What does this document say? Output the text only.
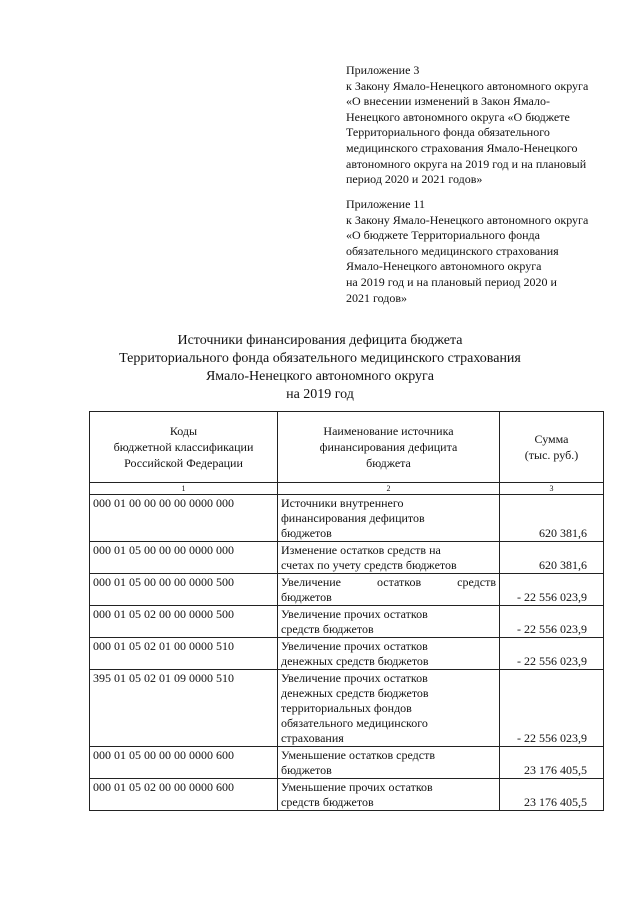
Приложение 3
к Закону Ямало-Ненецкого автономного округа
«О внесении изменений в Закон Ямало-
Ненецкого автономного округа «О бюджете
Территориального фонда обязательного
медицинского страхования Ямало-Ненецкого
автономного округа на 2019 год и на плановый
период 2020 и 2021 годов»
Приложение 11
к Закону Ямало-Ненецкого автономного округа
«О бюджете Территориального фонда
обязательного медицинского страхования
Ямало-Ненецкого автономного округа
на 2019 год и на плановый период 2020 и
2021 годов»
Источники финансирования дефицита бюджета
Территориального фонда обязательного медицинского страхования
Ямало-Ненецкого автономного округа
на 2019 год
Коды
бюджетной классификации
Российской Федерации	Наименование источника
финансирования дефицита
бюджета	Сумма
(тыс. руб.)

1	2	3
000 01 00 00 00 00 0000 000	Источники внутреннего
финансирования дефицитов
бюджетов	620 381,6
000 01 05 00 00 00 0000 000	Изменение остатков средств на
счетах по учету средств бюджетов	620 381,6
000 01 05 00 00 00 0000 500	Увеличение остатков средств
бюджетов	- 22 556 023,9
000 01 05 02 00 00 0000 500	Увеличение прочих остатков
средств бюджетов	- 22 556 023,9
000 01 05 02 01 00 0000 510	Увеличение прочих остатков
денежных средств бюджетов	- 22 556 023,9
395 01 05 02 01 09 0000 510	Увеличение прочих остатков
денежных средств бюджетов
территориальных фондов
обязательного медицинского
страхования	- 22 556 023,9
000 01 05 00 00 00 0000 600	Уменьшение остатков средств
бюджетов	23 176 405,5
000 01 05 02 00 00 0000 600	Уменьшение прочих остатков
средств бюджетов	23 176 405,5
